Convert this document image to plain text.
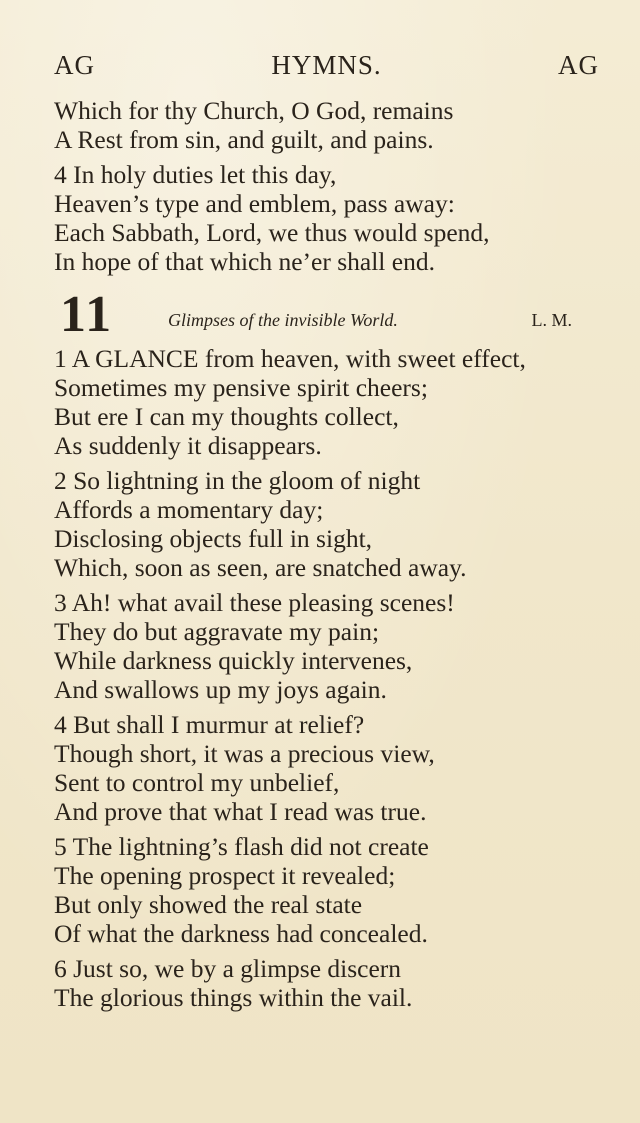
AG	HYMNS.	AG
Which for thy Church, O God, remains
A Rest from sin, and guilt, and pains.
4 In holy duties let this day,
Heaven’s type and emblem, pass away:
Each Sabbath, Lord, we thus would spend,
In hope of that which ne’er shall end.
11	Glimpses of the invisible World.	L. M.
1 A GLANCE from heaven, with sweet effect,
Sometimes my pensive spirit cheers;
But ere I can my thoughts collect,
As suddenly it disappears.
2 So lightning in the gloom of night
Affords a momentary day;
Disclosing objects full in sight,
Which, soon as seen, are snatched away.
3 Ah! what avail these pleasing scenes!
They do but aggravate my pain;
While darkness quickly intervenes,
And swallows up my joys again.
4 But shall I murmur at relief?
Though short, it was a precious view,
Sent to control my unbelief,
And prove that what I read was true.
5 The lightning’s flash did not create
The opening prospect it revealed;
But only showed the real state
Of what the darkness had concealed.
6 Just so, we by a glimpse discern
The glorious things within the vail.
